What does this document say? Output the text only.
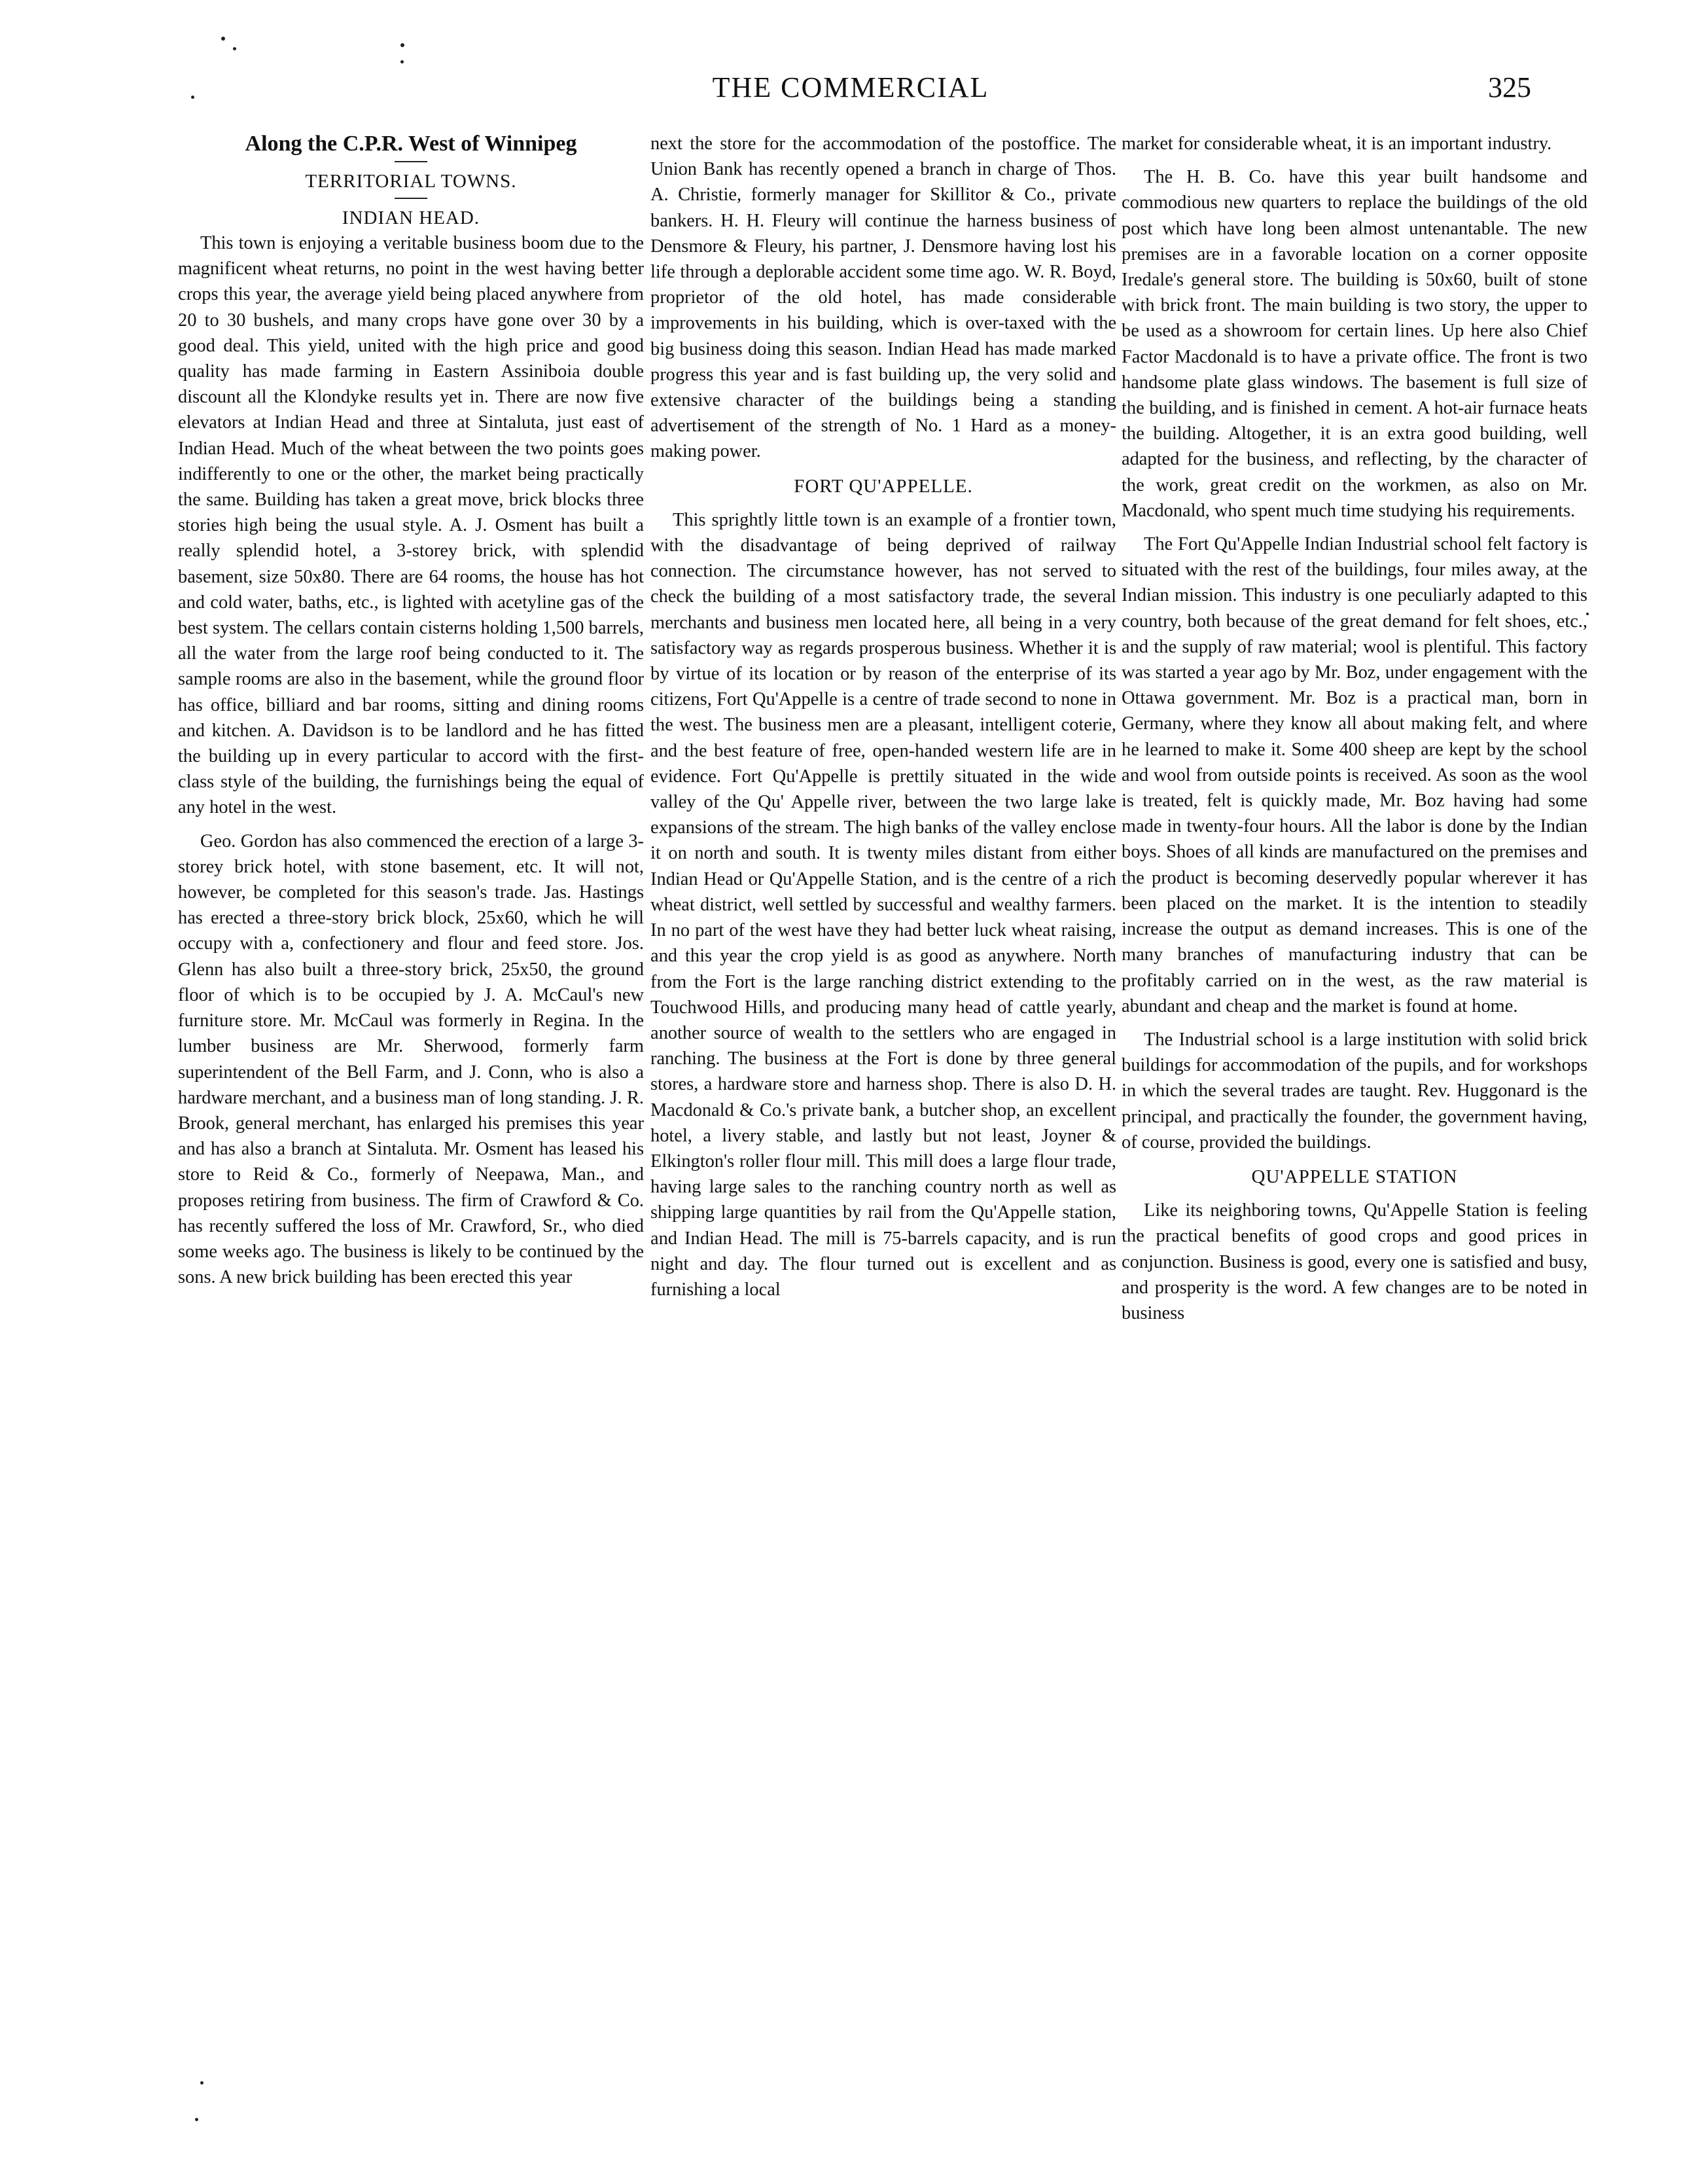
THE COMMERCIAL	325
Along the C.P.R. West of Winnipeg
TERRITORIAL TOWNS.
INDIAN HEAD.

This town is enjoying a veritable business boom due to the magnificent wheat returns, no point in the west having better crops this year, the average yield being placed anywhere from 20 to 30 bushels, and many crops have gone over 30 by a good deal. This yield, united with the high price and good quality has made farming in Eastern Assiniboia double discount all the Klondyke results yet in. There are now five elevators at Indian Head and three at Sintaluta, just east of Indian Head. Much of the wheat between the two points goes indifferently to one or the other, the market being practically the same. Building has taken a great move, brick blocks three stories high being the usual style. A. J. Osment has built a really splendid hotel, a 3-storey brick, with splendid basement, size 50x80. There are 64 rooms, the house has hot and cold water, baths, etc., is lighted with acetyline gas of the best system. The cellars contain cisterns holding 1,500 barrels, all the water from the large roof being conducted to it. The sample rooms are also in the basement, while the ground floor has office, billiard and bar rooms, sitting and dining rooms and kitchen. A. Davidson is to be landlord and he has fitted the building up in every particular to accord with the first-class style of the building, the furnishings being the equal of any hotel in the west.

Geo. Gordon has also commenced the erection of a large 3-storey brick hotel, with stone basement, etc. It will not, however, be completed for this season's trade. Jas. Hastings has erected a three-story brick block, 25x60, which he will occupy with a, confectionery and flour and feed store. Jos. Glenn has also built a three-story brick, 25x50, the ground floor of which is to be occupied by J. A. McCaul's new furniture store. Mr. McCaul was formerly in Regina. In the lumber business are Mr. Sherwood, formerly farm superintendent of the Bell Farm, and J. Conn, who is also a hardware merchant, and a business man of long standing. J. R. Brook, general merchant, has enlarged his premises this year and has also a branch at Sintaluta. Mr. Osment has leased his store to Reid & Co., formerly of Neepawa, Man., and proposes retiring from business. The firm of Crawford & Co. has recently suffered the loss of Mr. Crawford, Sr., who died some weeks ago. The business is likely to be continued by the sons. A new brick building has been erected this year

next the store for the accommodation of the postoffice. The Union Bank has recently opened a branch in charge of Thos. A. Christie, formerly manager for Skillitor & Co., private bankers. H. H. Fleury will continue the harness business of Densmore & Fleury, his partner, J. Densmore having lost his life through a deplorable accident some time ago. W. R. Boyd, proprietor of the old hotel, has made considerable improvements in his building, which is over-taxed with the big business doing this season. Indian Head has made marked progress this year and is fast building up, the very solid and extensive character of the buildings being a standing advertisement of the strength of No. 1 Hard as a money-making power.

FORT QU'APPELLE.

This sprightly little town is an example of a frontier town, with the disadvantage of being deprived of railway connection. The circumstance however, has not served to check the building of a most satisfactory trade, the several merchants and business men located here, all being in a very satisfactory way as regards prosperous business. Whether it is by virtue of its location or by reason of the enterprise of its citizens, Fort Qu'Appelle is a centre of trade second to none in the west. The business men are a pleasant, intelligent coterie, and the best feature of free, open-handed western life are in evidence. Fort Qu'Appelle is prettily situated in the wide valley of the Qu' Appelle river, between the two large lake expansions of the stream. The high banks of the valley enclose it on north and south. It is twenty miles distant from either Indian Head or Qu'Appelle Station, and is the centre of a rich wheat district, well settled by successful and wealthy farmers. In no part of the west have they had better luck wheat raising, and this year the crop yield is as good as anywhere. North from the Fort is the large ranching district extending to the Touchwood Hills, and producing many head of cattle yearly, another source of wealth to the settlers who are engaged in ranching. The business at the Fort is done by three general stores, a hardware store and harness shop. There is also D. H. Macdonald & Co.'s private bank, a butcher shop, an excellent hotel, a livery stable, and lastly but not least, Joyner & Elkington's roller flour mill. This mill does a large flour trade, having large sales to the ranching country north as well as shipping large quantities by rail from the Qu'Appelle station, and Indian Head. The mill is 75-barrels capacity, and is run night and day. The flour turned out is excellent and as furnishing a local

market for considerable wheat, it is an important industry.

The H. B. Co. have this year built handsome and commodious new quarters to replace the buildings of the old post which have long been almost untenantable. The new premises are in a favorable location on a corner opposite Iredale's general store. The building is 50x60, built of stone with brick front. The main building is two story, the upper to be used as a showroom for certain lines. Up here also Chief Factor Macdonald is to have a private office. The front is two handsome plate glass windows. The basement is full size of the building, and is finished in cement. A hot-air furnace heats the building. Altogether, it is an extra good building, well adapted for the business, and reflecting, by the character of the work, great credit on the workmen, as also on Mr. Macdonald, who spent much time studying his requirements.

The Fort Qu'Appelle Indian Industrial school felt factory is situated with the rest of the buildings, four miles away, at the Indian mission. This industry is one peculiarly adapted to this country, both because of the great demand for felt shoes, etc., and the supply of raw material; wool is plentiful. This factory was started a year ago by Mr. Boz, under engagement with the Ottawa government. Mr. Boz is a practical man, born in Germany, where they know all about making felt, and where he learned to make it. Some 400 sheep are kept by the school and wool from outside points is received. As soon as the wool is treated, felt is quickly made, Mr. Boz having had some made in twenty-four hours. All the labor is done by the Indian boys. Shoes of all kinds are manufactured on the premises and the product is becoming deservedly popular wherever it has been placed on the market. It is the intention to steadily increase the output as demand increases. This is one of the many branches of manufacturing industry that can be profitably carried on in the west, as the raw material is abundant and cheap and the market is found at home.

The Industrial school is a large institution with solid brick buildings for accommodation of the pupils, and for workshops in which the several trades are taught. Rev. Huggonard is the principal, and practically the founder, the government having, of course, provided the buildings.

QU'APPELLE STATION

Like its neighboring towns, Qu'Appelle Station is feeling the practical benefits of good crops and good prices in conjunction. Business is good, every one is satisfied and busy, and prosperity is the word. A few changes are to be noted in business
